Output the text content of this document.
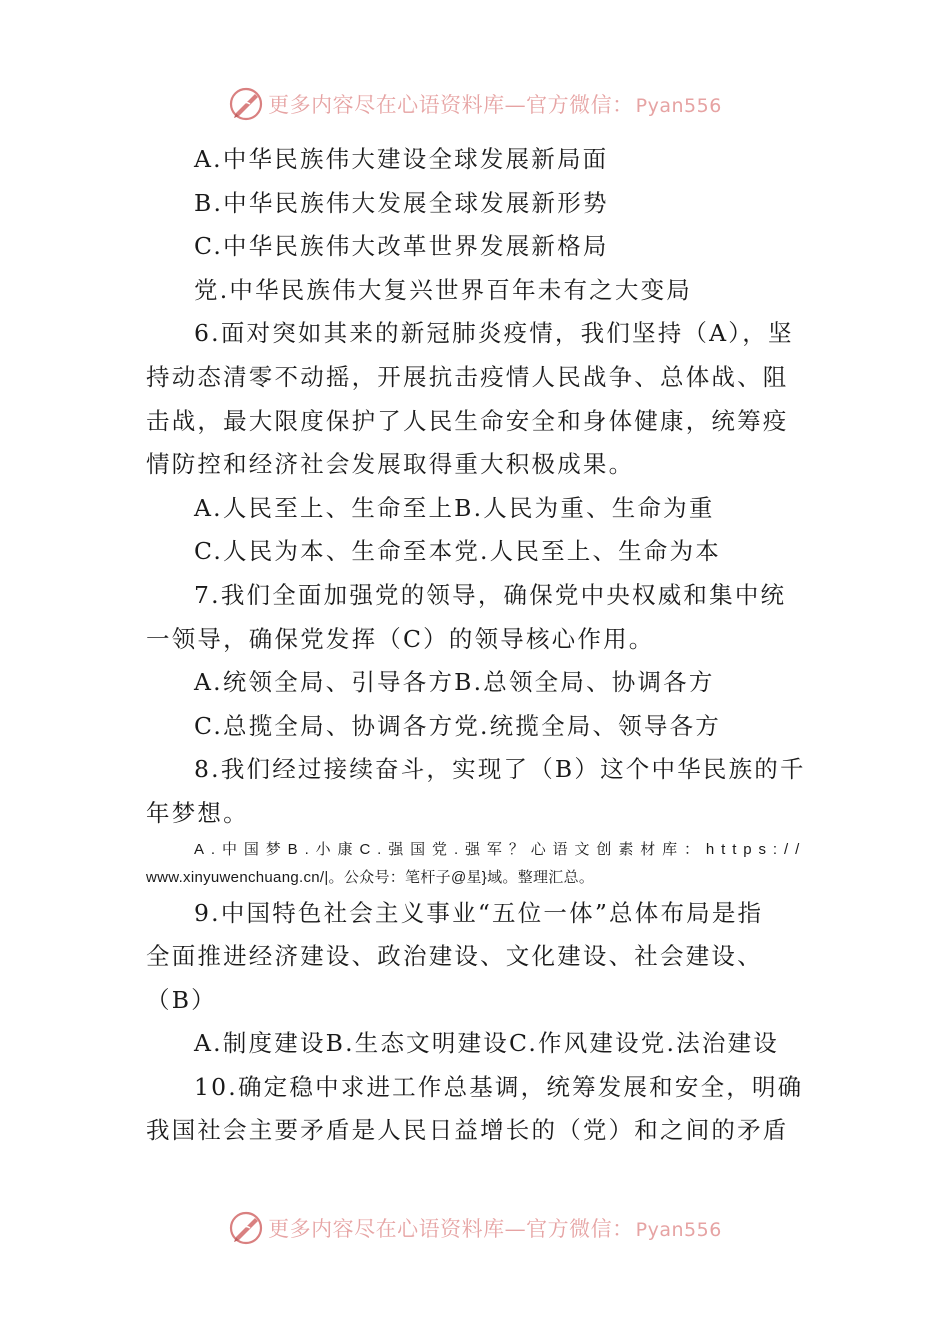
更多内容尽在心语资料库—官方微信： Pyan556
A.中华民族伟大建设全球发展新局面
B.中华民族伟大发展全球发展新形势
C.中华民族伟大改革世界发展新格局
党.中华民族伟大复兴世界百年未有之大变局
6.面对突如其来的新冠肺炎疫情，我们坚持（A），坚
持动态清零不动摇，开展抗击疫情人民战争、总体战、阻
击战，最大限度保护了人民生命安全和身体健康，统筹疫
情防控和经济社会发展取得重大积极成果。
A.人民至上、生命至上B.人民为重、生命为重
C.人民为本、生命至本党.人民至上、生命为本
7.我们全面加强党的领导，确保党中央权威和集中统
一领导，确保党发挥（C）的领导核心作用。
A.统领全局、引导各方B.总领全局、协调各方
C.总揽全局、协调各方党.统揽全局、领导各方
8.我们经过接续奋斗，实现了（B）这个中华民族的千
年梦想。
A.中国梦B.小康C.强国党.强军？心语文创素材库：https://
www.xinyuwenchuang.cn/|。公众号：笔杆子@星}域。整理汇总。
9.中国特色社会主义事业“五位一体”总体布局是指
全面推进经济建设、政治建设、文化建设、社会建设、
（B）
A.制度建设B.生态文明建设C.作风建设党.法治建设
10.确定稳中求进工作总基调，统筹发展和安全，明确
我国社会主要矛盾是人民日益增长的（党）和之间的矛盾
更多内容尽在心语资料库—官方微信： Pyan556
